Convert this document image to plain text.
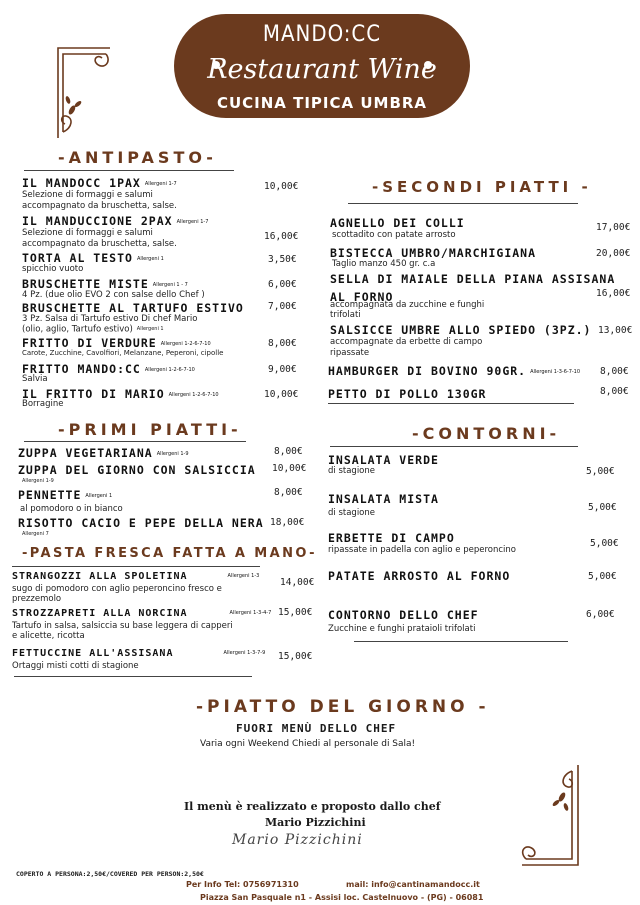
MANDO:CC
Restaurant Wine
CUCINA TIPICA UMBRA
-ANTIPASTO-
IL MANDOCC 1PAX Allergeni 1-7
Selezione di formaggi e salumi
accompagnato da bruschetta, salse.
10,00€
IL MANDUCCIONE 2PAX Allergeni 1-7
Selezione di formaggi e salumi
accompagnato da bruschetta, salse.
16,00€
TORTA AL TESTO Allergeni 1
spicchio vuoto
3,50€
BRUSCHETTE MISTE Allergeni 1 - 7
4 Pz. (due olio EVO 2 con salse dello Chef )
6,00€
BRUSCHETTE AL TARTUFO ESTIVO
3 Pz. Salsa di Tartufo estivo Di chef Mario
(olio, aglio, Tartufo estivo) Allergeni 1
7,00€
FRITTO DI VERDURE Allergeni 1-2-6-7-10
Carote, Zucchine, Cavolfiori, Melanzane, Peperoni, cipolle
8,00€
FRITTO MANDO:CC Allergeni 1-2-6-7-10
Salvia
9,00€
IL FRITTO DI MARIO Allergeni 1-2-6-7-10
Borragine
10,00€
-SECONDI PIATTI -
AGNELLO DEI COLLI
scottadito con patate arrosto
17,00€
BISTECCA UMBRO/MARCHIGIANA
Taglio manzo 450 gr. c.a
20,00€
SELLA DI MAIALE DELLA PIANA ASSISANA
AL FORNO
accompagnata da zucchine e funghi
trifolati
16,00€
SALSICCE UMBRE ALLO SPIEDO (3PZ.)
accompagnate da erbette di campo
ripassate
13,00€
HAMBURGER DI BOVINO 90GR. Allergeni 1-3-6-7-10 8,00€
PETTO DI POLLO 130GR	8,00€
-PRIMI PIATTI-
ZUPPA VEGETARIANA Allergeni 1-9	8,00€
ZUPPA DEL GIORNO CON SALSICCIA
Allergeni 1-9
10,00€
PENNETTE Allergeni 1
al pomodoro o in bianco
8,00€
RISOTTO CACIO E PEPE DELLA NERA
Allergeni 7
18,00€
-PASTA FRESCA FATTA A MANO-
STRANGOZZI ALLA SPOLETINA	Allergeni 1-3
sugo di pomodoro con aglio peperoncino fresco e
prezzemolo
14,00€
STROZZAPRETI ALLA NORCINA	Allergeni 1-3-4-7
Tartufo in salsa, salsiccia su base leggera di capperi
e alicette, ricotta
15,00€
FETTUCCINE ALL'ASSISANA	Allergeni 1-3-7-9
Ortaggi misti cotti di stagione
15,00€
-CONTORNI-
INSALATA VERDE
di stagione	5,00€
INSALATA MISTA
di stagione	5,00€
ERBETTE DI CAMPO
ripassate in padella con aglio e peperoncino
5,00€
PATATE ARROSTO AL FORNO	5,00€
CONTORNO DELLO CHEF
Zucchine e funghi prataioli trifolati
6,00€
-PIATTO DEL GIORNO -
FUORI MENÙ DELLO CHEF
Varia ogni Weekend Chiedi al personale di Sala!
Il menù è realizzato e proposto dallo chef
Mario Pizzichini
Mario Pizzichini
COPERTO A PERSONA:2,50€/COVERED PER PERSON:2,50€
Per Info Tel: 0756971310	mail: info@cantinamandocc.it
Piazza San Pasquale n1 - Assisi loc. Castelnuovo - (PG) - 06081
